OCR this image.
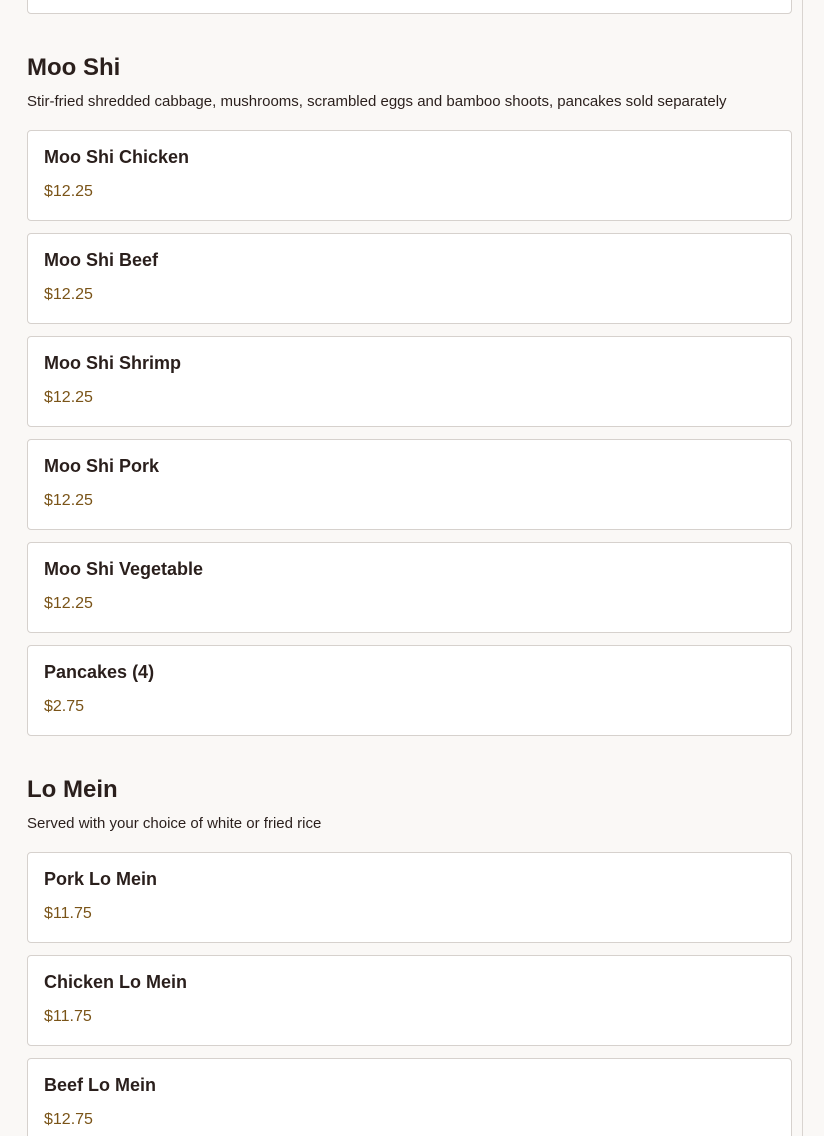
Moo Shi
Stir-fried shredded cabbage, mushrooms, scrambled eggs and bamboo shoots, pancakes sold separately
Moo Shi Chicken
$12.25
Moo Shi Beef
$12.25
Moo Shi Shrimp
$12.25
Moo Shi Pork
$12.25
Moo Shi Vegetable
$12.25
Pancakes (4)
$2.75
Lo Mein
Served with your choice of white or fried rice
Pork Lo Mein
$11.75
Chicken Lo Mein
$11.75
Beef Lo Mein
$12.75
